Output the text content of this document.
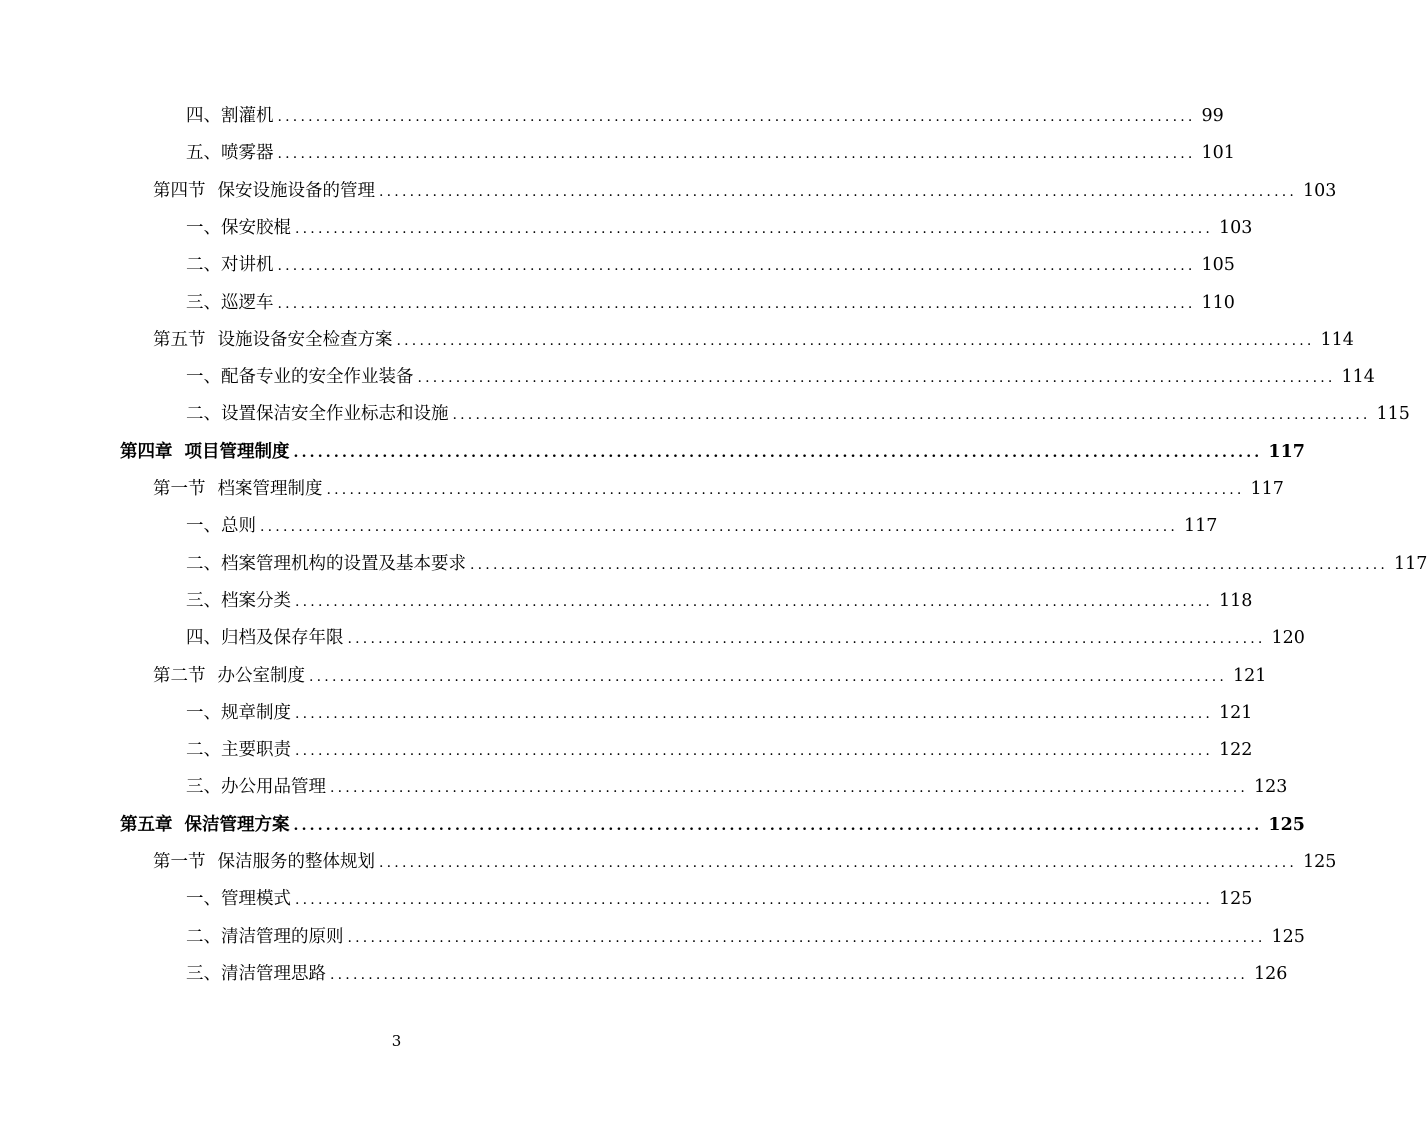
四、割灌机 ........................................................................................................................ 99
五、喷雾器 ........................................................................................................................ 101
第四节 保安设施设备的管理 ........................................................................................................................ 103
一、保安胶棍 ........................................................................................................................ 103
二、对讲机 ........................................................................................................................ 105
三、巡逻车 ........................................................................................................................ 110
第五节 设施设备安全检查方案 ........................................................................................................................ 114
一、配备专业的安全作业装备 ........................................................................................................................ 114
二、设置保洁安全作业标志和设施 ........................................................................................................................ 115
第四章 项目管理制度 ........................................................................................................................ 117
第一节 档案管理制度 ........................................................................................................................ 117
一、总则 ........................................................................................................................ 117
二、档案管理机构的设置及基本要求 ........................................................................................................................ 117
三、档案分类 ........................................................................................................................ 118
四、归档及保存年限 ........................................................................................................................ 120
第二节 办公室制度 ........................................................................................................................ 121
一、规章制度 ........................................................................................................................ 121
二、主要职责 ........................................................................................................................ 122
三、办公用品管理 ........................................................................................................................ 123
第五章 保洁管理方案 ........................................................................................................................ 125
第一节 保洁服务的整体规划 ........................................................................................................................ 125
一、管理模式 ........................................................................................................................ 125
二、清洁管理的原则 ........................................................................................................................ 125
三、清洁管理思路 ........................................................................................................................ 126
3
